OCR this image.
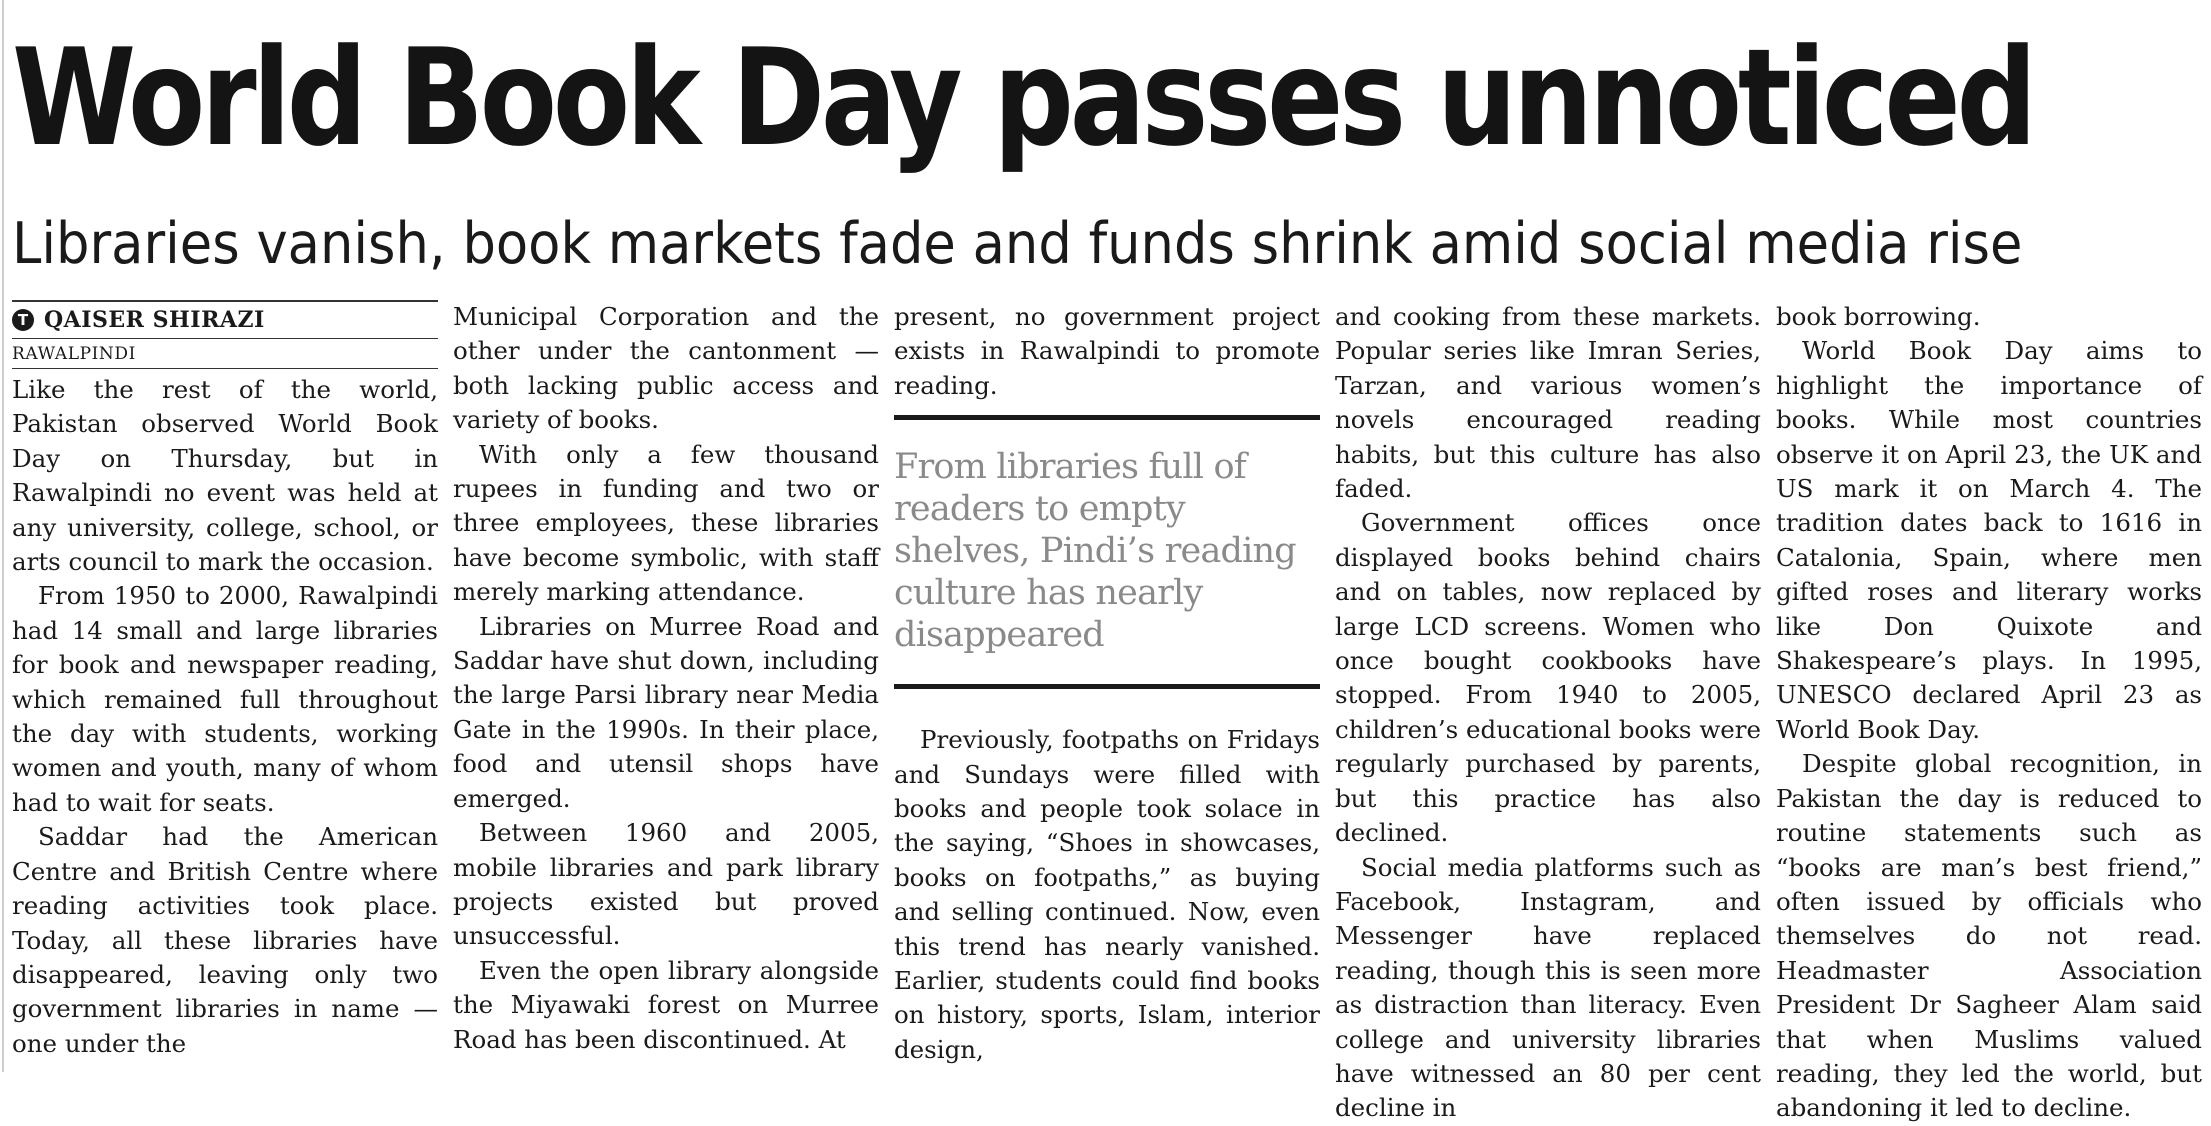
World Book Day passes unnoticed
Libraries vanish, book markets fade and funds shrink amid social media rise
T QAISER SHIRAZI
RAWALPINDI

Like the rest of the world, Pakistan observed World Book Day on Thursday, but in Rawalpindi no event was held at any university, college, school, or arts council to mark the occasion.

From 1950 to 2000, Rawalpindi had 14 small and large libraries for book and newspaper reading, which remained full throughout the day with students, working women and youth, many of whom had to wait for seats.

Saddar had the American Centre and British Centre where reading activities took place. Today, all these libraries have disappeared, leaving only two government libraries in name — one under the

Municipal Corporation and the other under the cantonment — both lacking public access and variety of books.

With only a few thousand rupees in funding and two or three employees, these libraries have become symbolic, with staff merely marking attendance.

Libraries on Murree Road and Saddar have shut down, including the large Parsi library near Media Gate in the 1990s. In their place, food and utensil shops have emerged.

Between 1960 and 2005, mobile libraries and park library projects existed but proved unsuccessful.

Even the open library alongside the Miyawaki forest on Murree Road has been discontinued. At

present, no government project exists in Rawalpindi to promote reading.

From libraries full of readers to empty shelves, Pindi’s reading culture has nearly disappeared

Previously, footpaths on Fridays and Sundays were filled with books and people took solace in the saying, “Shoes in showcases, books on footpaths,” as buying and selling continued. Now, even this trend has nearly vanished. Earlier, students could find books on history, sports, Islam, interior design,

and cooking from these markets. Popular series like Imran Series, Tarzan, and various women’s novels encouraged reading habits, but this culture has also faded.

Government offices once displayed books behind chairs and on tables, now replaced by large LCD screens. Women who once bought cookbooks have stopped. From 1940 to 2005, children’s educational books were regularly purchased by parents, but this practice has also declined.

Social media platforms such as Facebook, Instagram, and Messenger have replaced reading, though this is seen more as distraction than literacy. Even college and university libraries have witnessed an 80 per cent decline in

book borrowing.

World Book Day aims to highlight the importance of books. While most countries observe it on April 23, the UK and US mark it on March 4. The tradition dates back to 1616 in Catalonia, Spain, where men gifted roses and literary works like Don Quixote and Shakespeare’s plays. In 1995, UNESCO declared April 23 as World Book Day.

Despite global recognition, in Pakistan the day is reduced to routine statements such as “books are man’s best friend,” often issued by officials who themselves do not read. Headmaster Association President Dr Sagheer Alam said that when Muslims valued reading, they led the world, but abandoning it led to decline.
